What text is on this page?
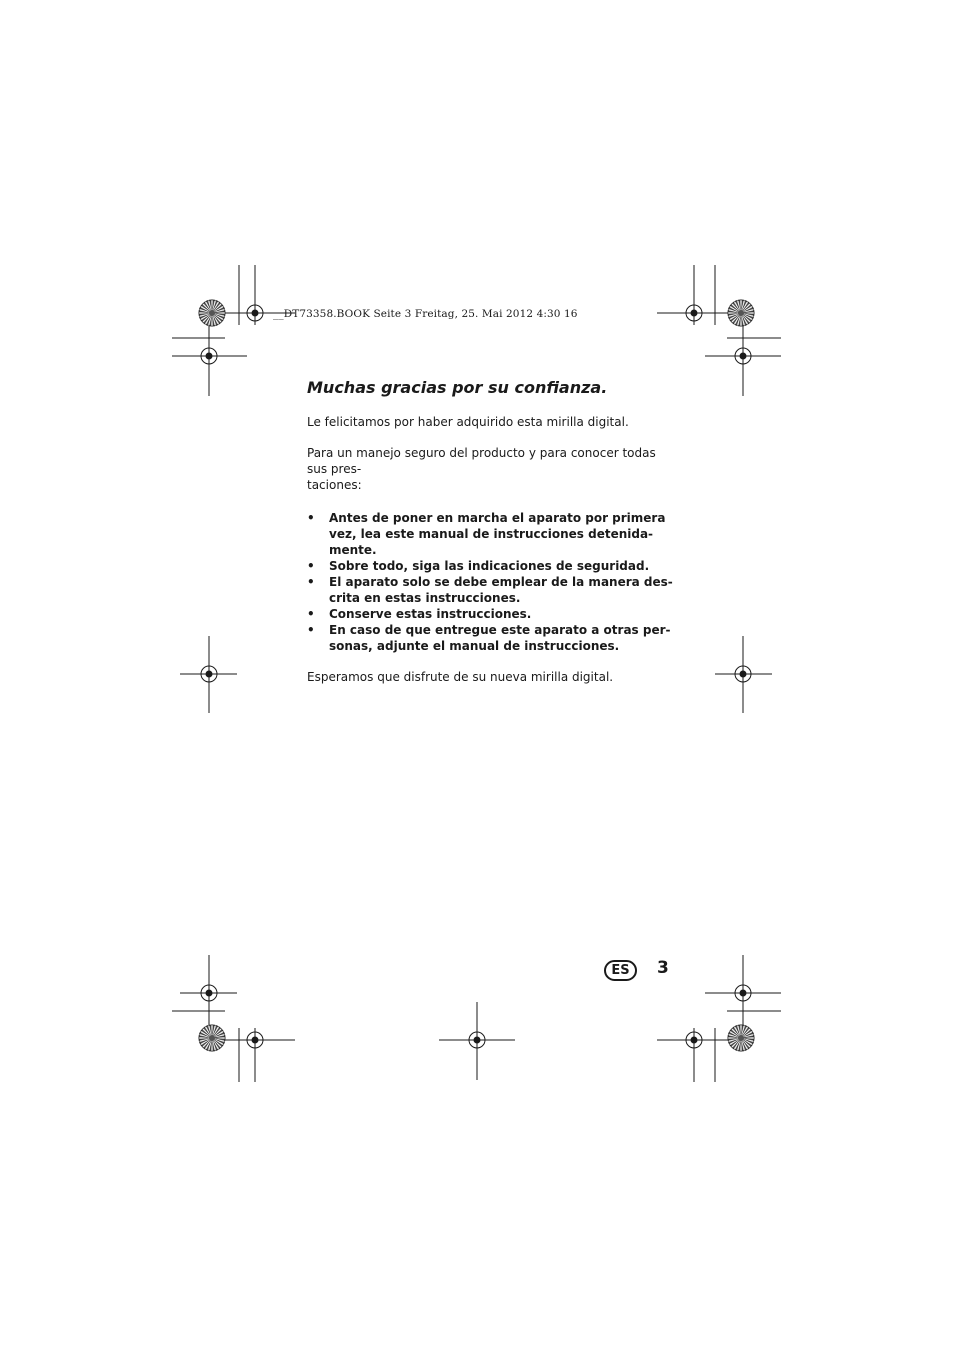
__DT73358.BOOK Seite 3 Freitag, 25. Mai 2012 4:30 16
Muchas gracias por su confianza.

Le felicitamos por haber adquirido esta mirilla digital.

Para un manejo seguro del producto y para conocer todas sus pres-
taciones:

• Antes de poner en marcha el aparato por primera
vez, lea este manual de instrucciones detenida-
mente.
• Sobre todo, siga las indicaciones de seguridad.
• El aparato solo se debe emplear de la manera des-
crita en estas instrucciones.
• Conserve estas instrucciones.
• En caso de que entregue este aparato a otras per-
sonas, adjunte el manual de instrucciones.

Esperamos que disfrute de su nueva mirilla digital.

ES	3
